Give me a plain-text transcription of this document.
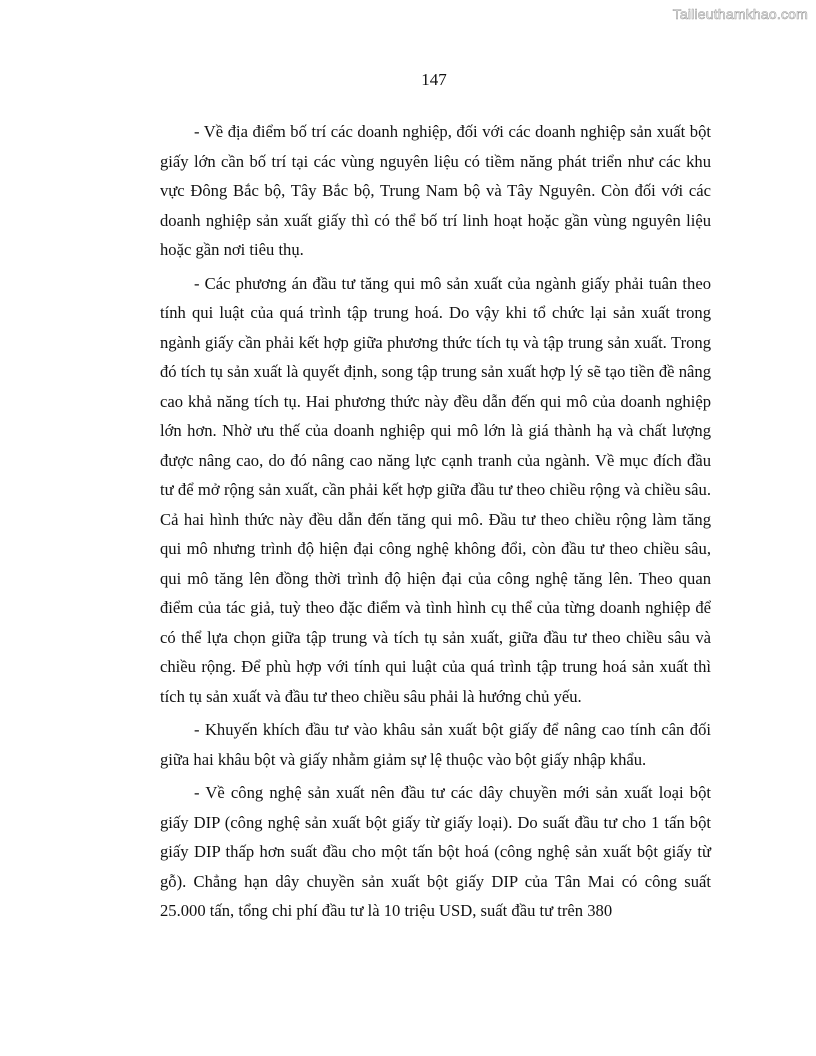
Tailieuthamkhao.com
147

- Về địa điểm bố trí các doanh nghiệp, đối với các doanh nghiệp sản xuất bột giấy lớn cần bố trí tại các vùng nguyên liệu có tiềm năng phát triển như các khu vực Đông Bắc bộ, Tây Bắc bộ, Trung Nam bộ và Tây Nguyên. Còn đối với các doanh nghiệp sản xuất giấy thì có thể bố trí linh hoạt hoặc gần vùng nguyên liệu hoặc gần nơi tiêu thụ.

- Các phương án đầu tư tăng qui mô sản xuất của ngành giấy phải tuân theo tính qui luật của quá trình tập trung hoá. Do vậy khi tổ chức lại sản xuất trong ngành giấy cần phải kết hợp giữa phương thức tích tụ và tập trung sản xuất. Trong đó tích tụ sản xuất là quyết định, song tập trung sản xuất hợp lý sẽ tạo tiền đề nâng cao khả năng tích tụ. Hai phương thức này đều dẫn đến qui mô của doanh nghiệp lớn hơn. Nhờ ưu thế của doanh nghiệp qui mô lớn là giá thành hạ và chất lượng được nâng cao, do đó nâng cao năng lực cạnh tranh của ngành. Về mục đích đầu tư để mở rộng sản xuất, cần phải kết hợp giữa đầu tư theo chiều rộng và chiều sâu. Cả hai hình thức này đều dẫn đến tăng qui mô. Đầu tư theo chiều rộng làm tăng qui mô nhưng trình độ hiện đại công nghệ không đổi, còn đầu tư theo chiều sâu, qui mô tăng lên đồng thời trình độ hiện đại của công nghệ tăng lên. Theo quan điểm của tác giả, tuỳ theo đặc điểm và tình hình cụ thể của từng doanh nghiệp để có thể lựa chọn giữa tập trung và tích tụ sản xuất, giữa đầu tư theo chiều sâu và chiều rộng. Để phù hợp với tính qui luật của quá trình tập trung hoá sản xuất thì tích tụ sản xuất và đầu tư theo chiều sâu phải là hướng chủ yếu.

- Khuyến khích đầu tư vào khâu sản xuất bột giấy để nâng cao tính cân đối giữa hai khâu bột và giấy nhằm giảm sự lệ thuộc vào bột giấy nhập khẩu.

- Về công nghệ sản xuất nên đầu tư các dây chuyền mới sản xuất loại bột giấy DIP (công nghệ sản xuất bột giấy từ giấy loại). Do suất đầu tư cho 1 tấn bột giấy DIP thấp hơn suất đầu cho một tấn bột hoá (công nghệ sản xuất bột giấy từ gỗ). Chẳng hạn dây chuyền sản xuất bột giấy DIP của Tân Mai có công suất 25.000 tấn, tổng chi phí đầu tư là 10 triệu USD, suất đầu tư trên 380
